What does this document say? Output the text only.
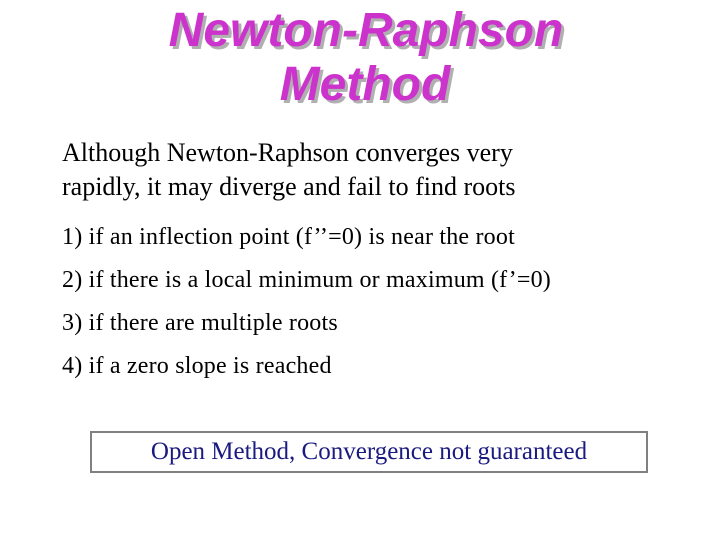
Newton-Raphson
Method
Although Newton-Raphson converges very
rapidly, it may diverge and fail to find roots
1) if an inflection point (f’’=0) is near the root
2) if there is a local minimum or maximum (f’=0)
3) if there are multiple roots
4) if a zero slope is reached
Open Method, Convergence not guaranteed
